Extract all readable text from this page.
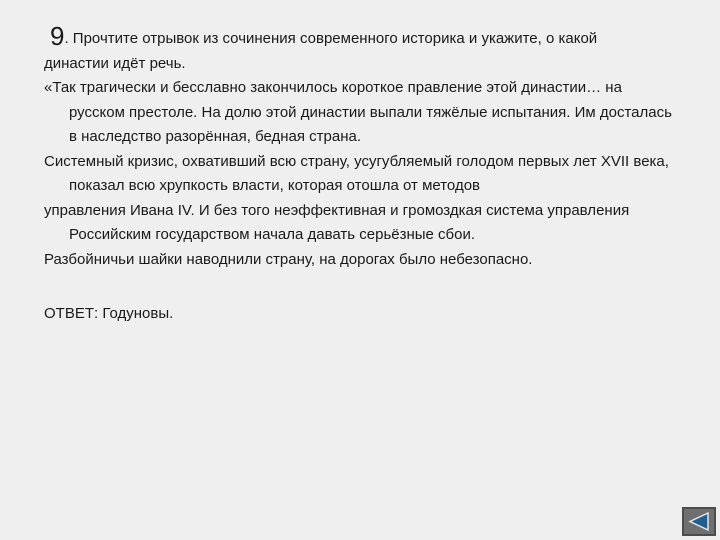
9. Прочтите отрывок из сочинения современного историка и укажите, о какой
династии идёт речь.
«Так трагически и бесславно закончилось короткое правление этой династии… на русском престоле. На долю этой династии выпали тяжёлые испытания. Им досталась в наследство разорённая, бедная страна.
Системный кризис, охвативший всю страну, усугубляемый голодом первых лет XVII века, показал всю хрупкость власти, которая отошла от методов
управления Ивана IV. И без того неэффективная и громоздкая система управления Российским государством начала давать серьёзные сбои.
Разбойничьи шайки наводнили страну, на дорогах было небезопасно.
ОТВЕТ: Годуновы.
